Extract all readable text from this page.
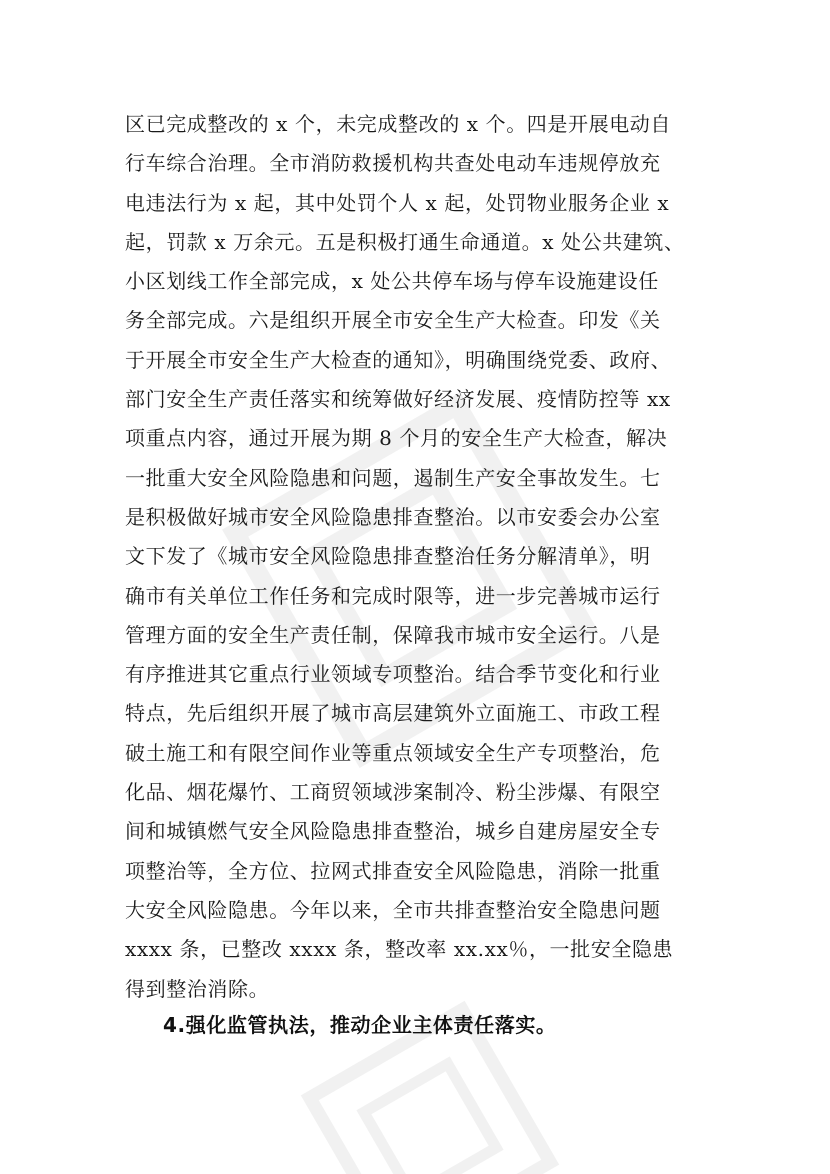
区已完成整改的 x 个，未完成整改的 x 个。四是开展电动自

行车综合治理。全市消防救援机构共查处电动车违规停放充

电违法行为 x 起，其中处罚个人 x 起，处罚物业服务企业 x

起，罚款 x 万余元。五是积极打通生命通道。x 处公共建筑、

小区划线工作全部完成，x 处公共停车场与停车设施建设任

务全部完成。六是组织开展全市安全生产大检查。印发《关

于开展全市安全生产大检查的通知》，明确围绕党委、政府、

部门安全生产责任落实和统筹做好经济发展、疫情防控等 xx

项重点内容，通过开展为期 8 个月的安全生产大检查，解决

一批重大安全风险隐患和问题，遏制生产安全事故发生。七

是积极做好城市安全风险隐患排查整治。以市安委会办公室

文下发了《城市安全风险隐患排查整治任务分解清单》，明

确市有关单位工作任务和完成时限等，进一步完善城市运行

管理方面的安全生产责任制，保障我市城市安全运行。八是

有序推进其它重点行业领域专项整治。结合季节变化和行业

特点，先后组织开展了城市高层建筑外立面施工、市政工程

破土施工和有限空间作业等重点领域安全生产专项整治，危

化品、烟花爆竹、工商贸领域涉案制冷、粉尘涉爆、有限空

间和城镇燃气安全风险隐患排查整治，城乡自建房屋安全专

项整治等，全方位、拉网式排查安全风险隐患，消除一批重

大安全风险隐患。今年以来，全市共排查整治安全隐患问题

xxxx 条，已整改 xxxx 条，整改率 xx.xx％，一批安全隐患

得到整治消除。

4.强化监管执法，推动企业主体责任落实。
